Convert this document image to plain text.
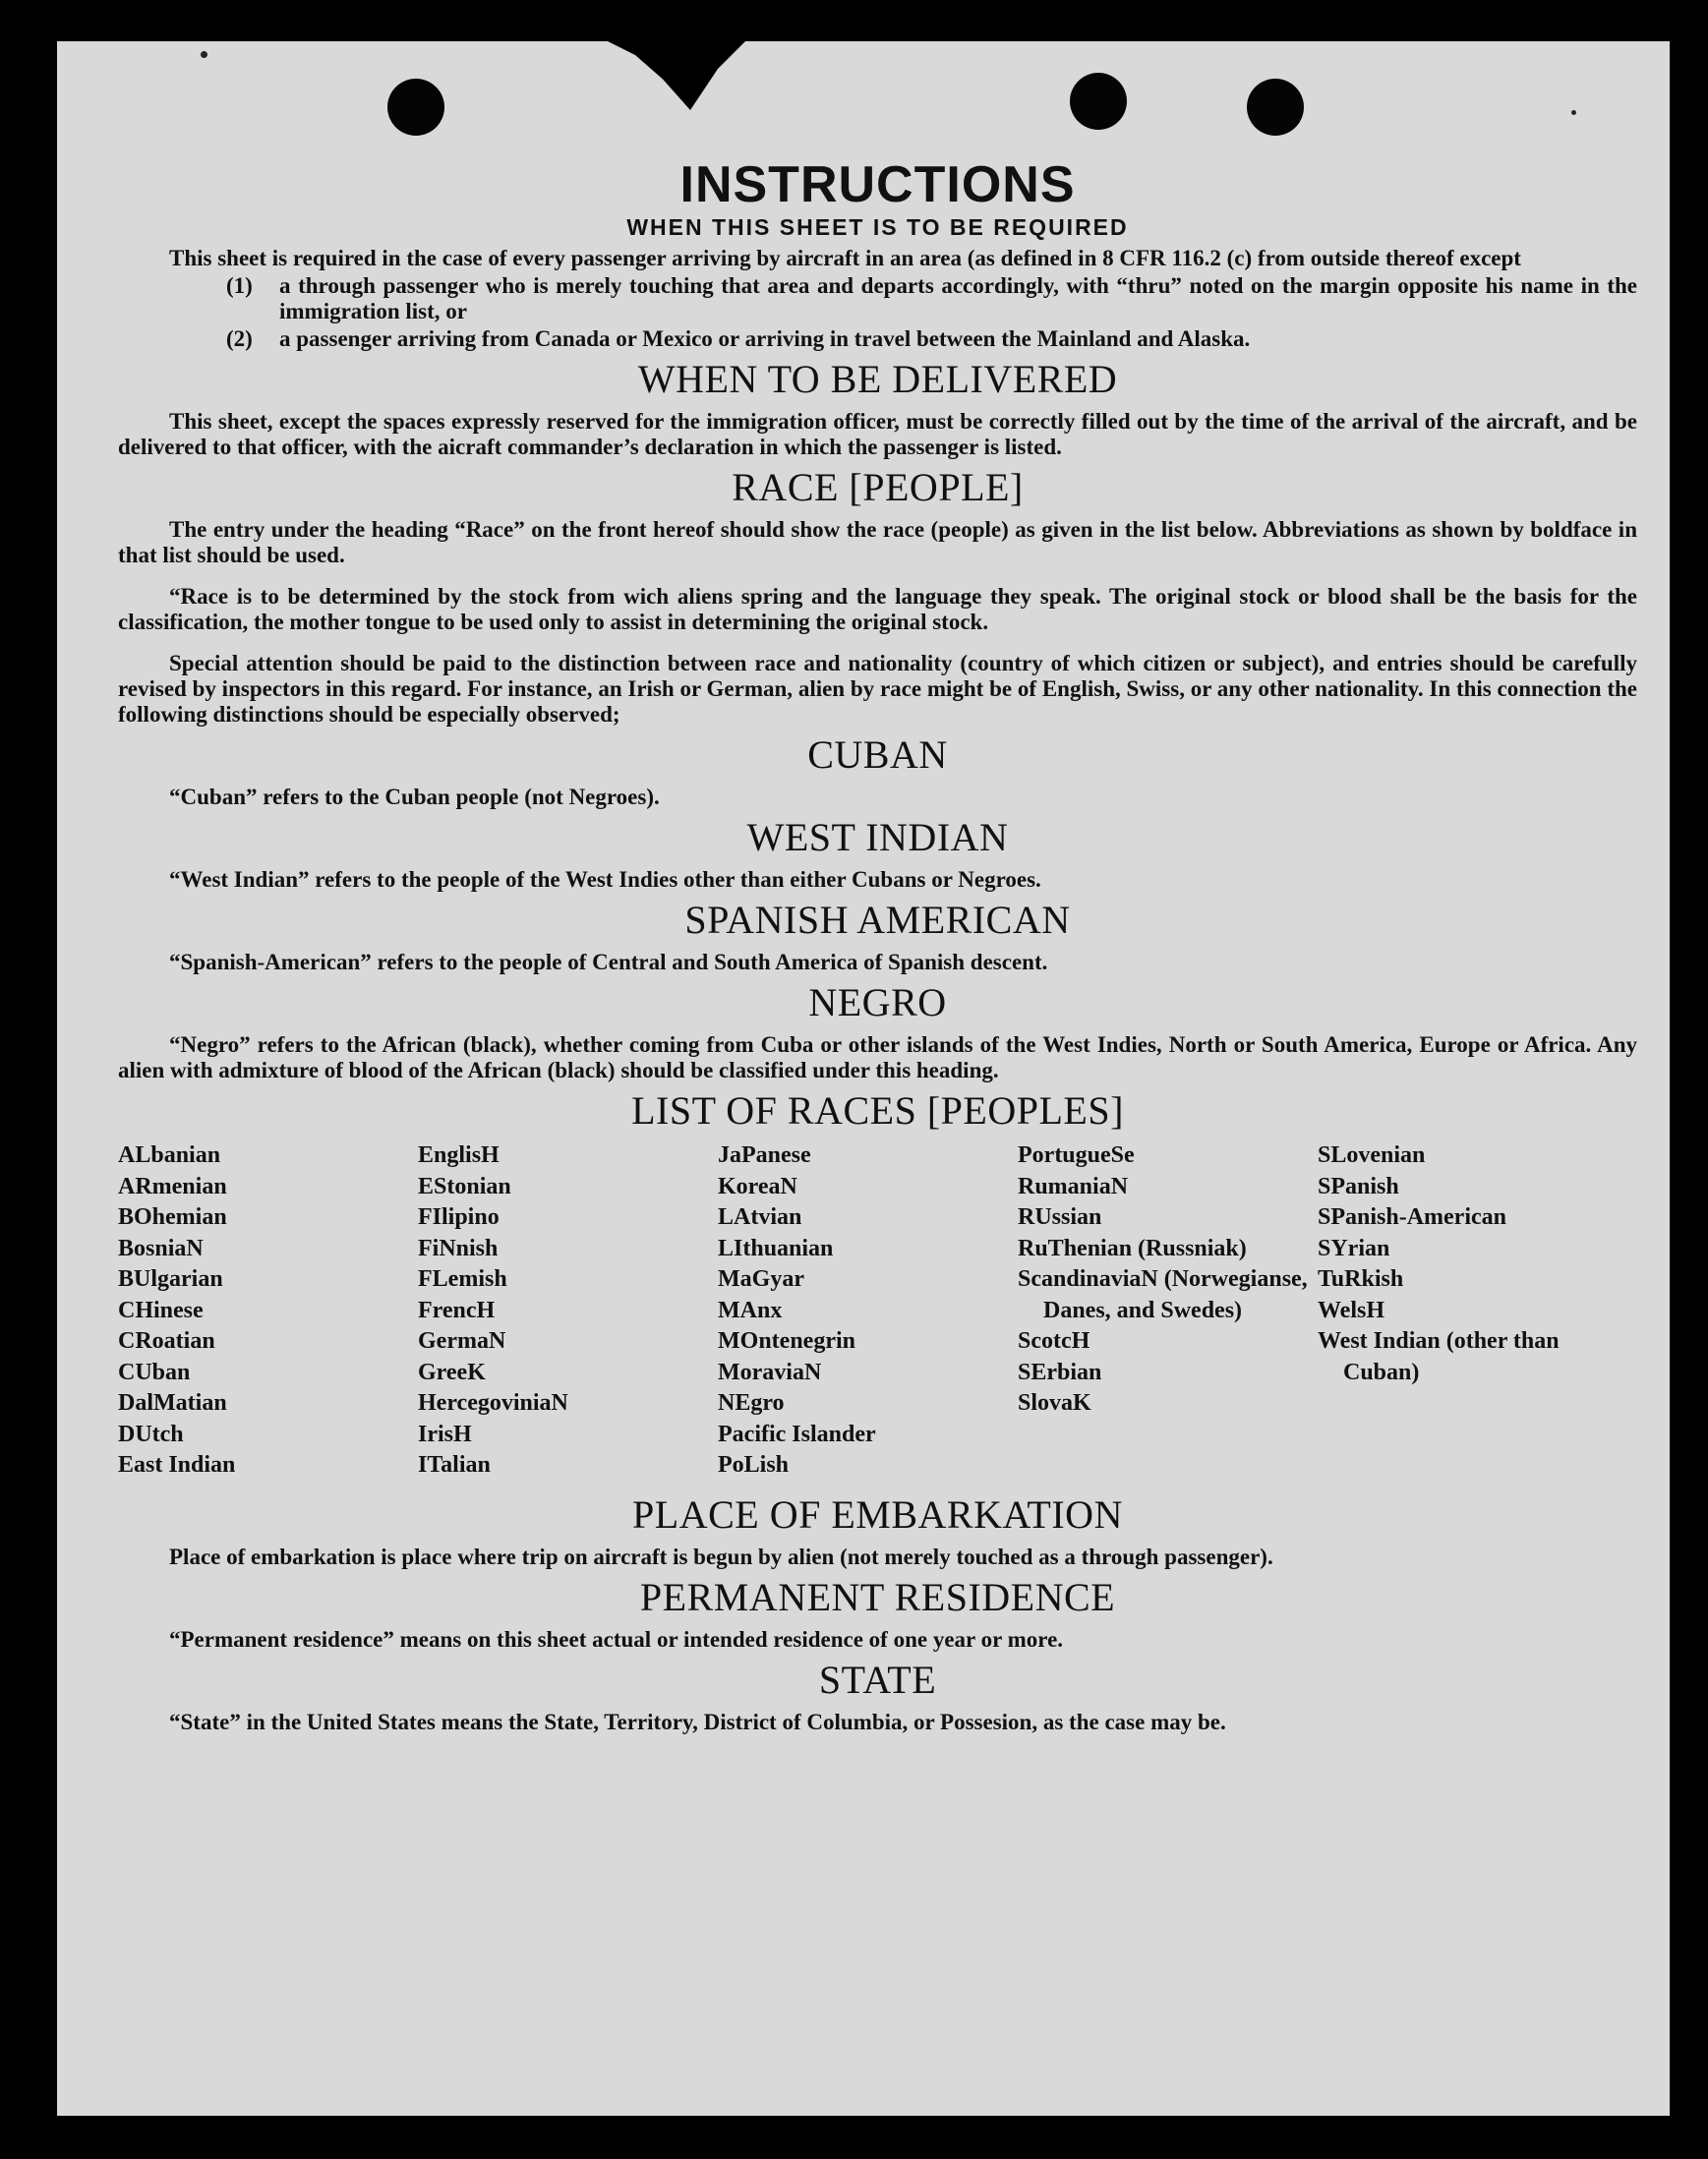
INSTRUCTIONS
WHEN THIS SHEET IS TO BE REQUIRED

This sheet is required in the case of every passenger arriving by aircraft in an area (as defined in 8 CFR 116.2 (c) from outside thereof except

(1)	a through passenger who is merely touching that area and departs accordingly, with “thru” noted on the margin opposite his name in the immigration list, or
(2)	a passenger arriving from Canada or Mexico or arriving in travel between the Mainland and Alaska.
WHEN TO BE DELIVERED

This sheet, except the spaces expressly reserved for the immigration officer, must be correctly filled out by the time of the arrival of the aircraft, and be delivered to that officer, with the aicraft commander’s declaration in which the passenger is listed.

RACE [PEOPLE]

The entry under the heading “Race” on the front hereof should show the race (people) as given in the list below. Abbreviations as shown by boldface in that list should be used.

“Race is to be determined by the stock from wich aliens spring and the language they speak. The original stock or blood shall be the basis for the classification, the mother tongue to be used only to assist in determining the original stock.

Special attention should be paid to the distinction between race and nationality (country of which citizen or subject), and entries should be carefully revised by inspectors in this regard. For instance, an Irish or German, alien by race might be of English, Swiss, or any other nationality. In this connection the following distinctions should be especially observed;

CUBAN

“Cuban” refers to the Cuban people (not Negroes).

WEST INDIAN

“West Indian” refers to the people of the West Indies other than either Cubans or Negroes.

SPANISH AMERICAN

“Spanish-American” refers to the people of Central and South America of Spanish descent.

NEGRO

“Negro” refers to the African (black), whether coming from Cuba or other islands of the West Indies, North or South America, Europe or Africa. Any alien with admixture of blood of the African (black) should be classified under this heading.

LIST OF RACES [PEOPLES]
ALbanian
ARmenian
BOhemian
BosniaN
BUlgarian
CHinese
CRoatian
CUban
DalMatian
DUtch
East Indian
EnglisH
EStonian
FIlipino
FiNnish
FLemish
FrencH
GermaN
GreeK
HercegoviniaN
IrisH
ITalian
JaPanese
KoreaN
LAtvian
LIthuanian
MaGyar
MAnx
MOntenegrin
MoraviaN
NEgro
Pacific Islander
PoLish
PortugueSe
RumaniaN
RUssian
RuThenian (Russniak)
ScandinaviaN (Norwegianse, Danes, and Swedes)
ScotcH
SErbian
SlovaK
SLovenian
SPanish
SPanish-American
SYrian
TuRkish
WelsH
West Indian (other than Cuban)
PLACE OF EMBARKATION

Place of embarkation is place where trip on aircraft is begun by alien (not merely touched as a through passenger).

PERMANENT RESIDENCE

“Permanent residence” means on this sheet actual or intended residence of one year or more.

STATE

“State” in the United States means the State, Territory, District of Columbia, or Possesion, as the case may be.
